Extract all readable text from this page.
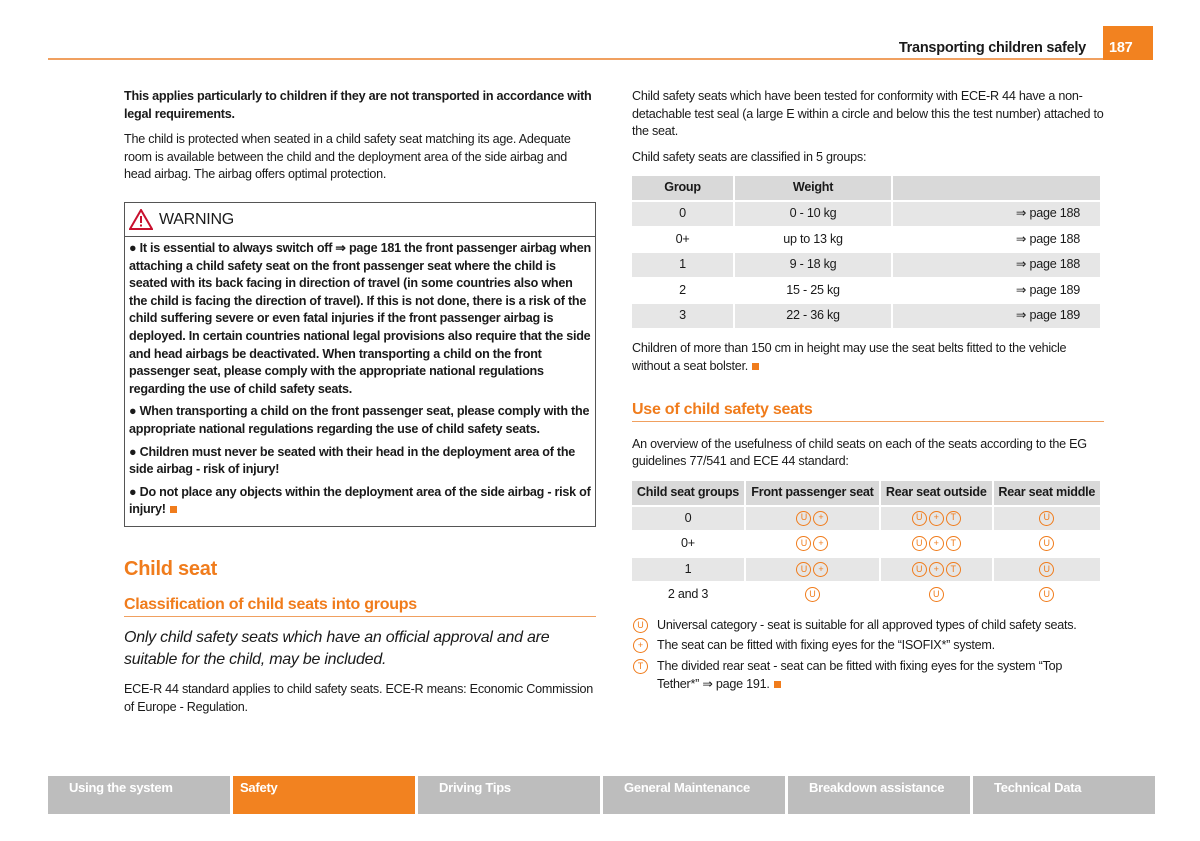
Transporting children safely	187

This applies particularly to children if they are not transported in accordance with legal requirements.

The child is protected when seated in a child safety seat matching its age. Adequate room is available between the child and the deployment area of the side airbag and head airbag. The airbag offers optimal protection.

WARNING

● It is essential to always switch off ⇒ page 181 the front passenger airbag when attaching a child safety seat on the front passenger seat where the child is seated with its back facing in direction of travel (in some countries also when the child is facing the direction of travel). If this is not done, there is a risk of the child suffering severe or even fatal injuries if the front passenger airbag is deployed. In certain countries national legal provisions also require that the side and head airbags be deactivated. When transporting a child on the front passenger seat, please comply with the appropriate national regulations regarding the use of child safety seats.

● When transporting a child on the front passenger seat, please comply with the appropriate national regulations regarding the use of child safety seats.

● Children must never be seated with their head in the deployment area of the side airbag - risk of injury!

● Do not place any objects within the deployment area of the side airbag - risk of injury!

Child seat
Classification of child seats into groups

Only child safety seats which have an official approval and are suitable for the child, may be included.

ECE-R 44 standard applies to child safety seats. ECE-R means: Economic Commission of Europe - Regulation.

Child safety seats which have been tested for conformity with ECE-R 44 have a non-detachable test seal (a large E within a circle and below this the test number) attached to the seat.

Child safety seats are classified in 5 groups:

Group	Weight	
0	0 - 10 kg	⇒ page 188
0+	up to 13 kg	⇒ page 188
1	9 - 18 kg	⇒ page 188
2	15 - 25 kg	⇒ page 189
3	22 - 36 kg	⇒ page 189

Children of more than 150 cm in height may use the seat belts fitted to the vehicle without a seat bolster.

Use of child safety seats

An overview of the usefulness of child seats on each of the seats according to the EG guidelines 77/541 and ECE 44 standard:

Child seat groups	Front passenger seat	Rear seat outside	Rear seat middle
0	U +	U + T	U
0+	U +	U + T	U
1	U +	U + T	U
2 and 3	U	U	U
U	Universal category - seat is suitable for all approved types of child safety seats.
+	The seat can be fitted with fixing eyes for the “ISOFIX*” system.
T	The divided rear seat - seat can be fitted with fixing eyes for the system “Top Tether*” ⇒ page 191.
Using the system	Safety	Driving Tips	General Maintenance	Breakdown assistance	Technical Data
